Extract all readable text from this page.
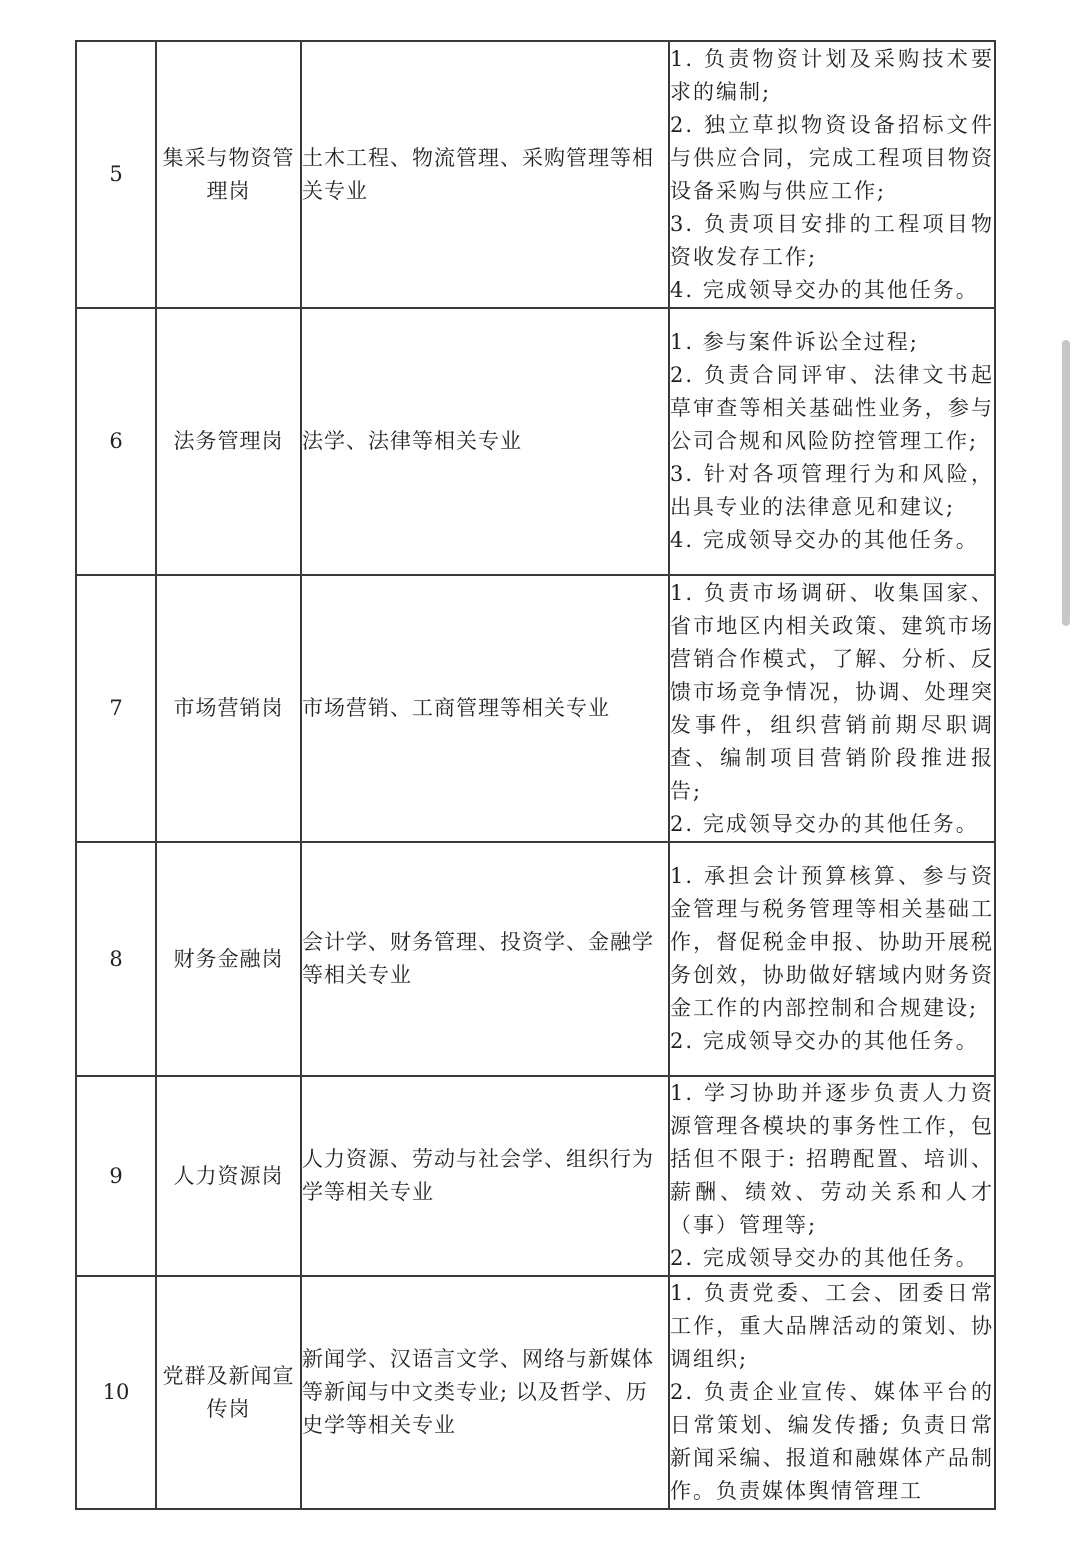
5	集采与物资管理岗	土木工程、物流管理、采购管理等相关专业	1. 负责物资计划及采购技术要求的编制;
2. 独立草拟物资设备招标文件与供应合同，完成工程项目物资设备采购与供应工作;
3. 负责项目安排的工程项目物资收发存工作;
4. 完成领导交办的其他任务。

6	法务管理岗	法学、法律等相关专业	1. 参与案件诉讼全过程;
2. 负责合同评审、法律文书起草审查等相关基础性业务，参与公司合规和风险防控管理工作;
3. 针对各项管理行为和风险，出具专业的法律意见和建议;
4. 完成领导交办的其他任务。

7	市场营销岗	市场营销、工商管理等相关专业	1. 负责市场调研、收集国家、省市地区内相关政策、建筑市场营销合作模式，了解、分析、反馈市场竞争情况，协调、处理突发事件，组织营销前期尽职调查、编制项目营销阶段推进报告;
2. 完成领导交办的其他任务。

8	财务金融岗	会计学、财务管理、投资学、金融学等相关专业	1. 承担会计预算核算、参与资金管理与税务管理等相关基础工作，督促税金申报、协助开展税务创效，协助做好辖域内财务资金工作的内部控制和合规建设;
2. 完成领导交办的其他任务。

9	人力资源岗	人力资源、劳动与社会学、组织行为学等相关专业	1. 学习协助并逐步负责人力资源管理各模块的事务性工作，包括但不限于: 招聘配置、培训、薪酬、绩效、劳动关系和人才（事）管理等;
2. 完成领导交办的其他任务。

10	党群及新闻宣传岗	新闻学、汉语言文学、网络与新媒体等新闻与中文类专业; 以及哲学、历史学等相关专业	1. 负责党委、工会、团委日常工作，重大品牌活动的策划、协调组织;
2. 负责企业宣传、媒体平台的日常策划、编发传播; 负责日常新闻采编、报道和融媒体产品制作。负责媒体舆情管理工
